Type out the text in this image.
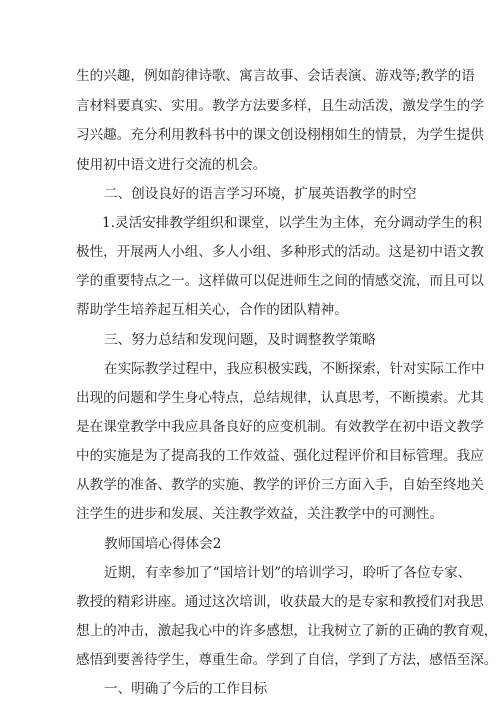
生的兴趣，例如韵律诗歌、寓言故事、会话表演、游戏等;教学的语
言材料要真实、实用。教学方法要多样，且生动活泼，激发学生的学
习兴趣。充分利用教科书中的课文创设栩栩如生的情景，为学生提供
使用初中语文进行交流的机会。
二、创设良好的语言学习环境，扩展英语教学的时空
1.灵活安排教学组织和课堂，以学生为主体，充分调动学生的积
极性，开展两人小组、多人小组、多种形式的活动。这是初中语文教
学的重要特点之一。这样做可以促进师生之间的情感交流，而且可以
帮助学生培养起互相关心，合作的团队精神。
三、努力总结和发现问题，及时调整教学策略
在实际教学过程中，我应积极实践，不断探索，针对实际工作中
出现的问题和学生身心特点，总结规律，认真思考，不断摸索。尤其
是在课堂教学中我应具备良好的应变机制。有效教学在初中语文教学
中的实施是为了提高我的工作效益、强化过程评价和目标管理。我应
从教学的准备、教学的实施、教学的评价三方面入手，自始至终地关
注学生的进步和发展、关注教学效益，关注教学中的可测性。
教师国培心得体会2
近期，有幸参加了“国培计划”的培训学习，聆听了各位专家、
教授的精彩讲座。通过这次培训，收获最大的是专家和教授们对我思
想上的冲击，激起我心中的许多感想，让我树立了新的正确的教育观，
感悟到要善待学生，尊重生命。学到了自信，学到了方法，感悟至深。
一、明确了今后的工作目标
